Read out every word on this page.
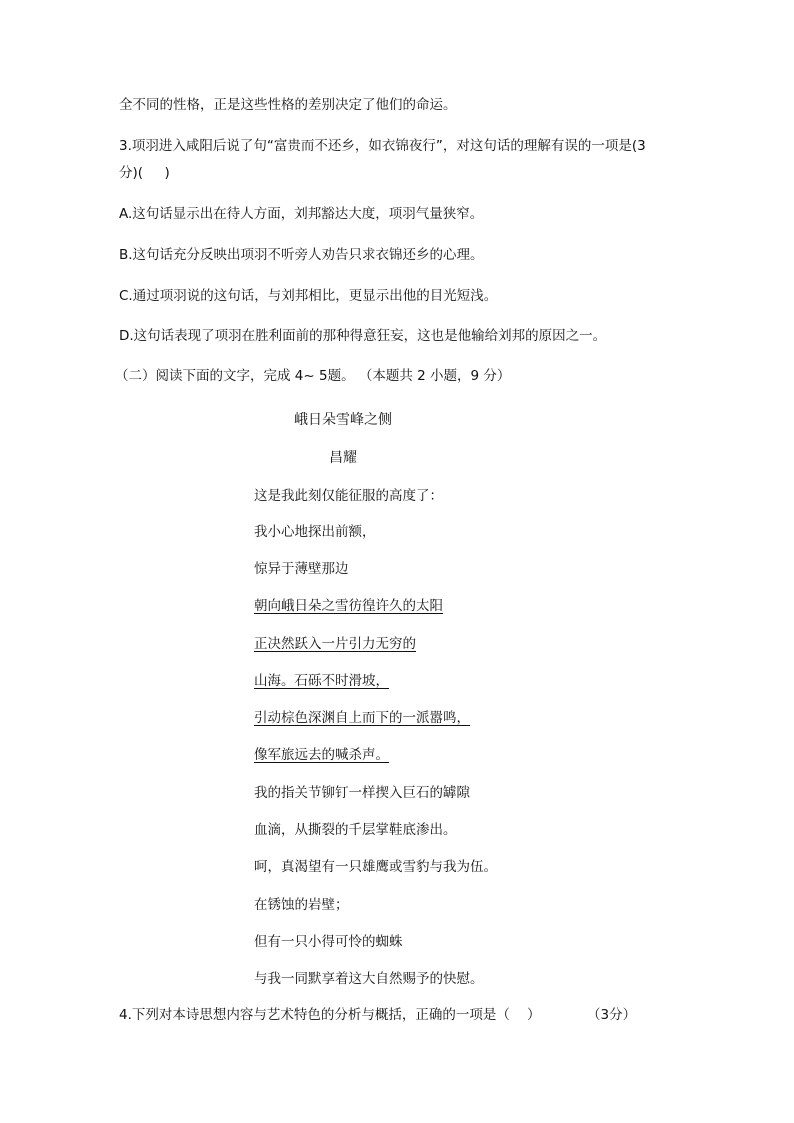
全不同的性格，正是这些性格的差别决定了他们的命运。
3.项羽进入咸阳后说了句“富贵而不还乡，如衣锦夜行”，对这句话的理解有误的一项是(3
分)(     )
A.这句话显示出在待人方面，刘邦豁达大度，项羽气量狭窄。
B.这句话充分反映出项羽不听旁人劝告只求衣锦还乡的心理。
C.通过项羽说的这句话，与刘邦相比，更显示出他的目光短浅。
D.这句话表现了项羽在胜利面前的那种得意狂妄，这也是他输给刘邦的原因之一。
（二）阅读下面的文字，完成 4~ 5题。 （本题共 2 小题，9 分）
峨日朵雪峰之侧
昌耀
这是我此刻仅能征服的高度了：
我小心地探出前额，
惊异于薄壁那边
朝向峨日朵之雪彷徨许久的太阳
正决然跃入一片引力无穷的
山海。石砾不时滑坡，
引动棕色深渊自上而下的一派嚣鸣，
像军旅远去的喊杀声。
我的指关节铆钉一样揳入巨石的罅隙
血滴，从撕裂的千层掌鞋底渗出。
呵，真渴望有一只雄鹰或雪豹与我为伍。
在锈蚀的岩壁；
但有一只小得可怜的蜘蛛
与我一同默享着这大自然赐予的快慰。
4.下列对本诗思想内容与艺术特色的分析与概括，正确的一项是（    ）	（3分）
